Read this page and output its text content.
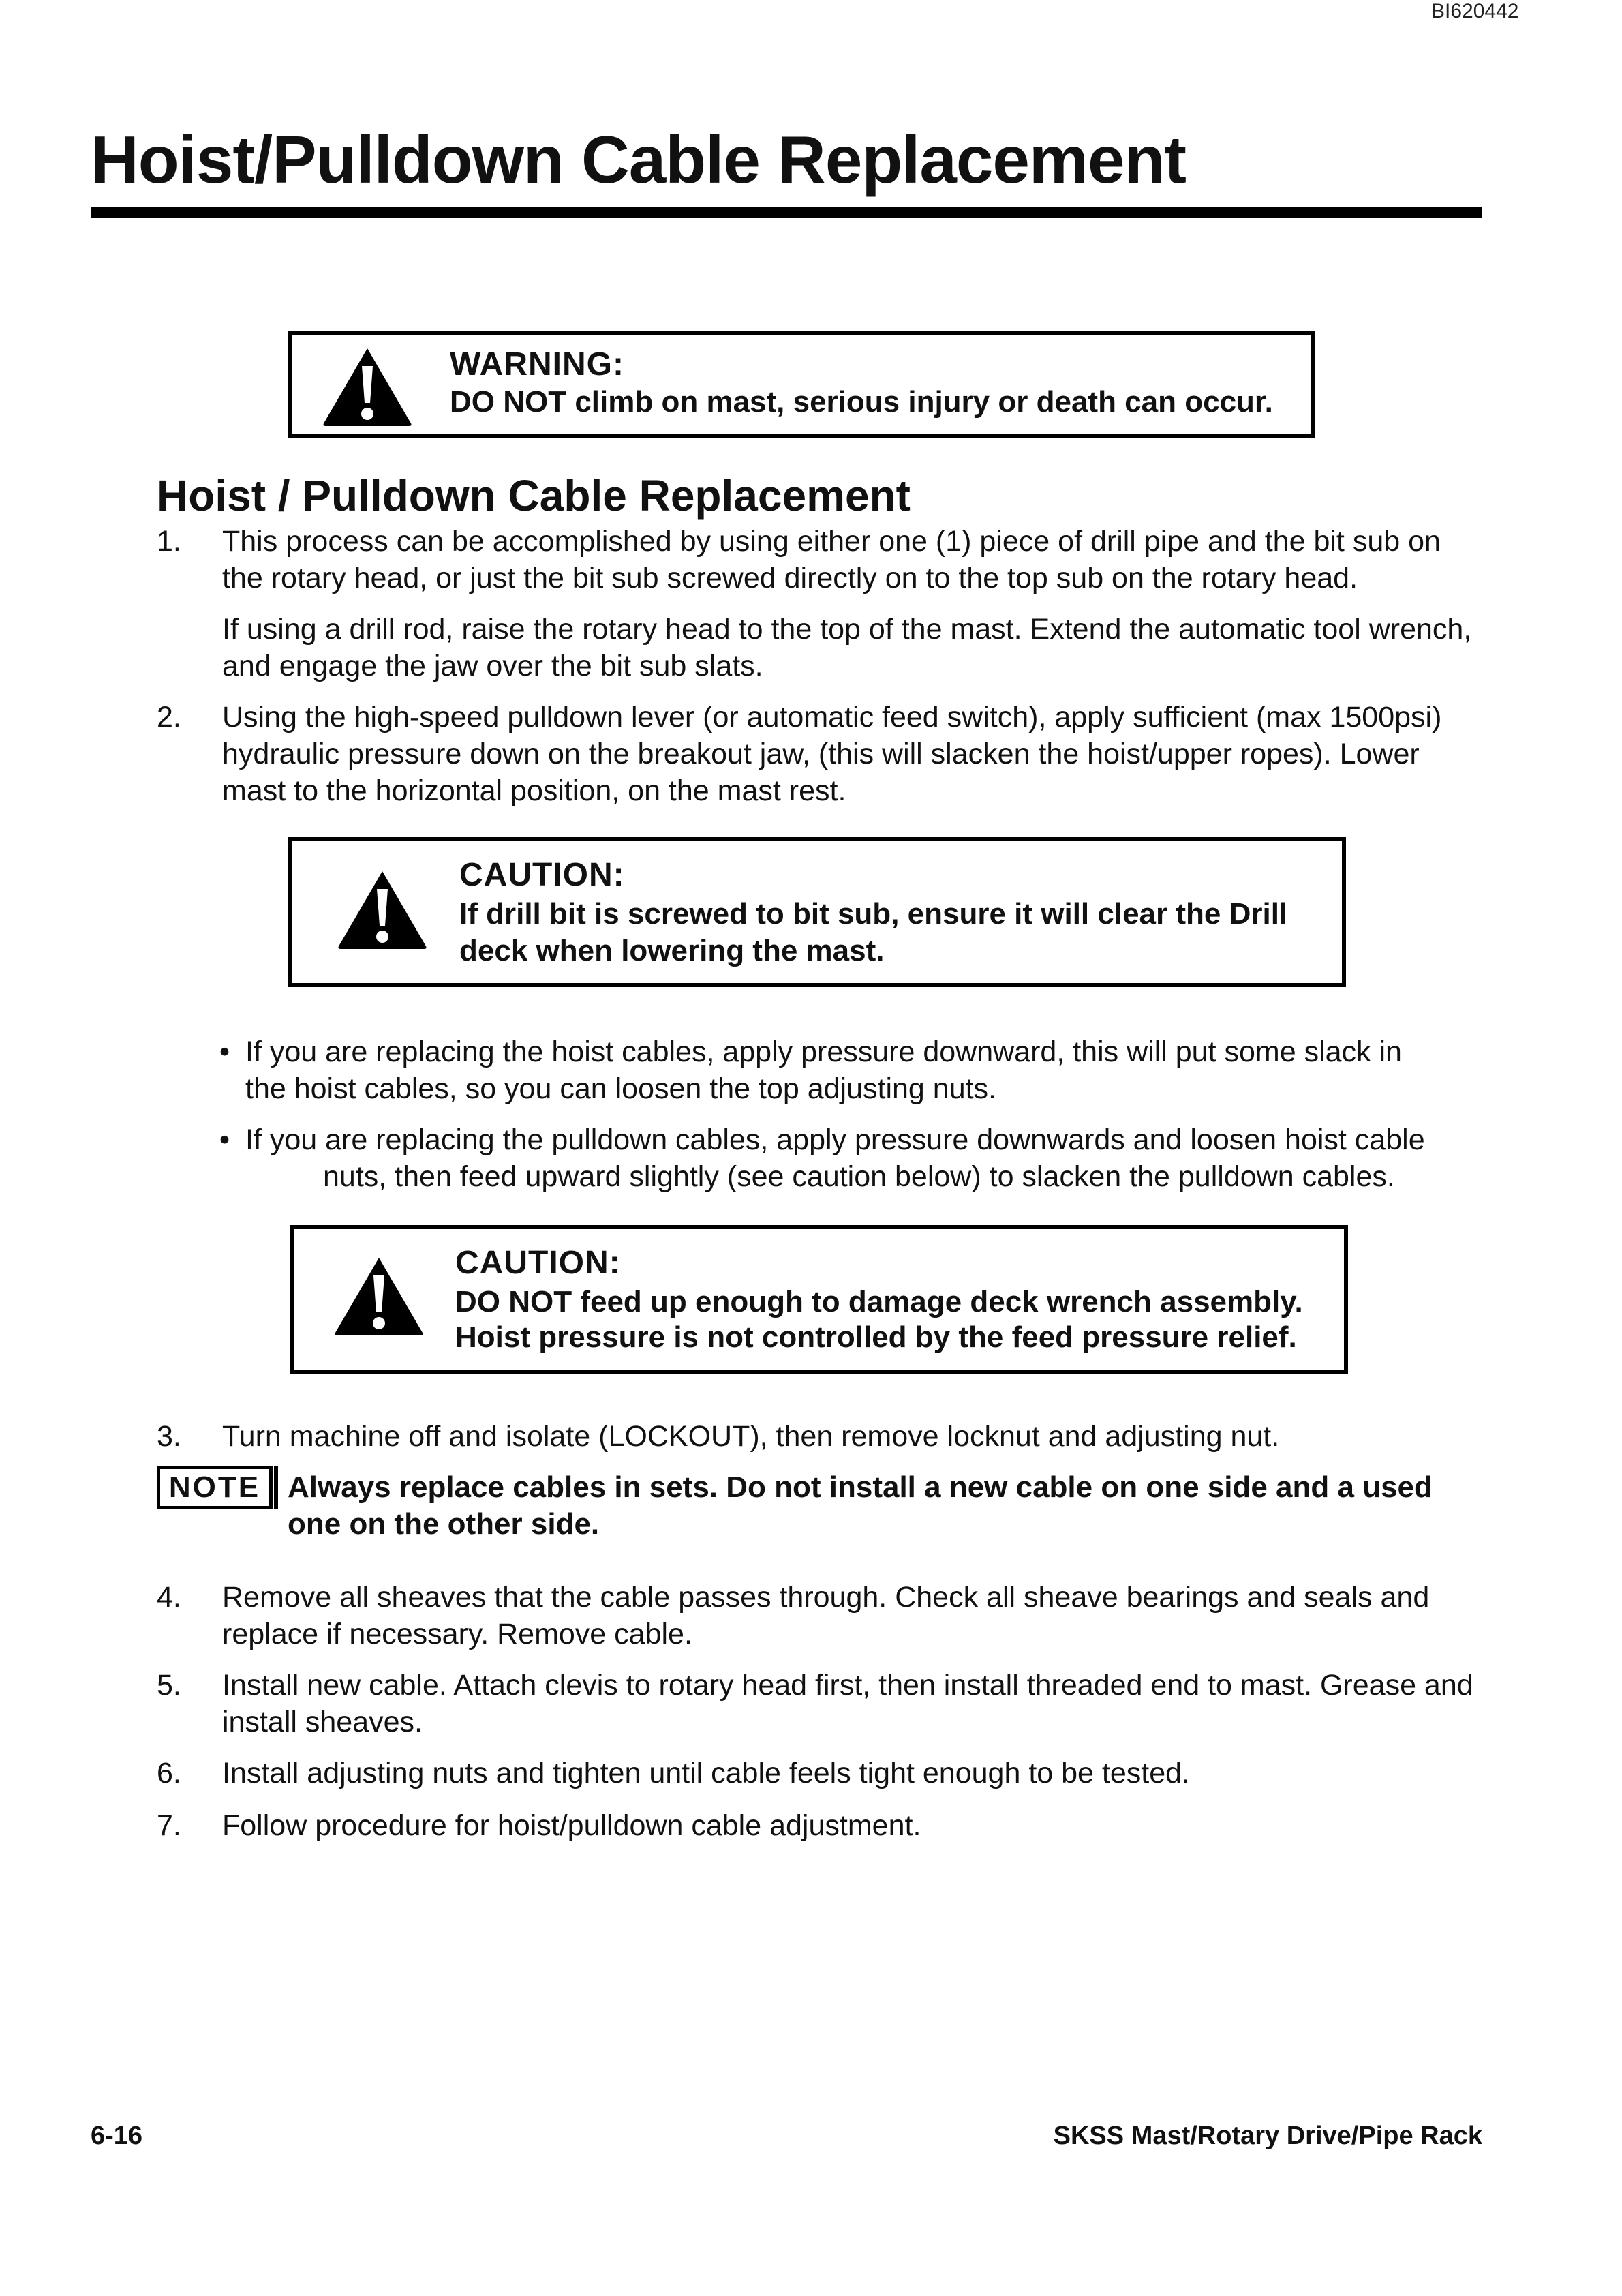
BI620442
Hoist/Pulldown Cable Replacement
WARNING:
DO NOT climb on mast, serious injury or death can occur.
Hoist / Pulldown Cable Replacement
1. This process can be accomplished by using either one (1) piece of drill pipe and the bit sub on the rotary head, or just the bit sub screwed directly on to the top sub on the rotary head.
If using a drill rod, raise the rotary head to the top of the mast. Extend the automatic tool wrench, and engage the jaw over the bit sub slats.
2. Using the high-speed pulldown lever (or automatic feed switch), apply sufficient (max 1500psi) hydraulic pressure down on the breakout jaw, (this will slacken the hoist/upper ropes). Lower mast to the horizontal position, on the mast rest.
CAUTION:
If drill bit is screwed to bit sub, ensure it will clear the Drill
deck when lowering the mast.
• If you are replacing the hoist cables, apply pressure downward, this will put some slack in
the hoist cables, so you can loosen the top adjusting nuts.
• If you are replacing the pulldown cables, apply pressure downwards and loosen hoist cable
nuts, then feed upward slightly (see caution below) to slacken the pulldown cables.
CAUTION:
DO NOT feed up enough to damage deck wrench assembly.
Hoist pressure is not controlled by the feed pressure relief.
3. Turn machine off and isolate (LOCKOUT), then remove locknut and adjusting nut.
NOTE Always replace cables in sets. Do not install a new cable on one side and a used one on the other side.
4. Remove all sheaves that the cable passes through. Check all sheave bearings and seals and replace if necessary. Remove cable.
5. Install new cable. Attach clevis to rotary head first, then install threaded end to mast. Grease and install sheaves.
6. Install adjusting nuts and tighten until cable feels tight enough to be tested.
7. Follow procedure for hoist/pulldown cable adjustment.
6-16	SKSS Mast/Rotary Drive/Pipe Rack
